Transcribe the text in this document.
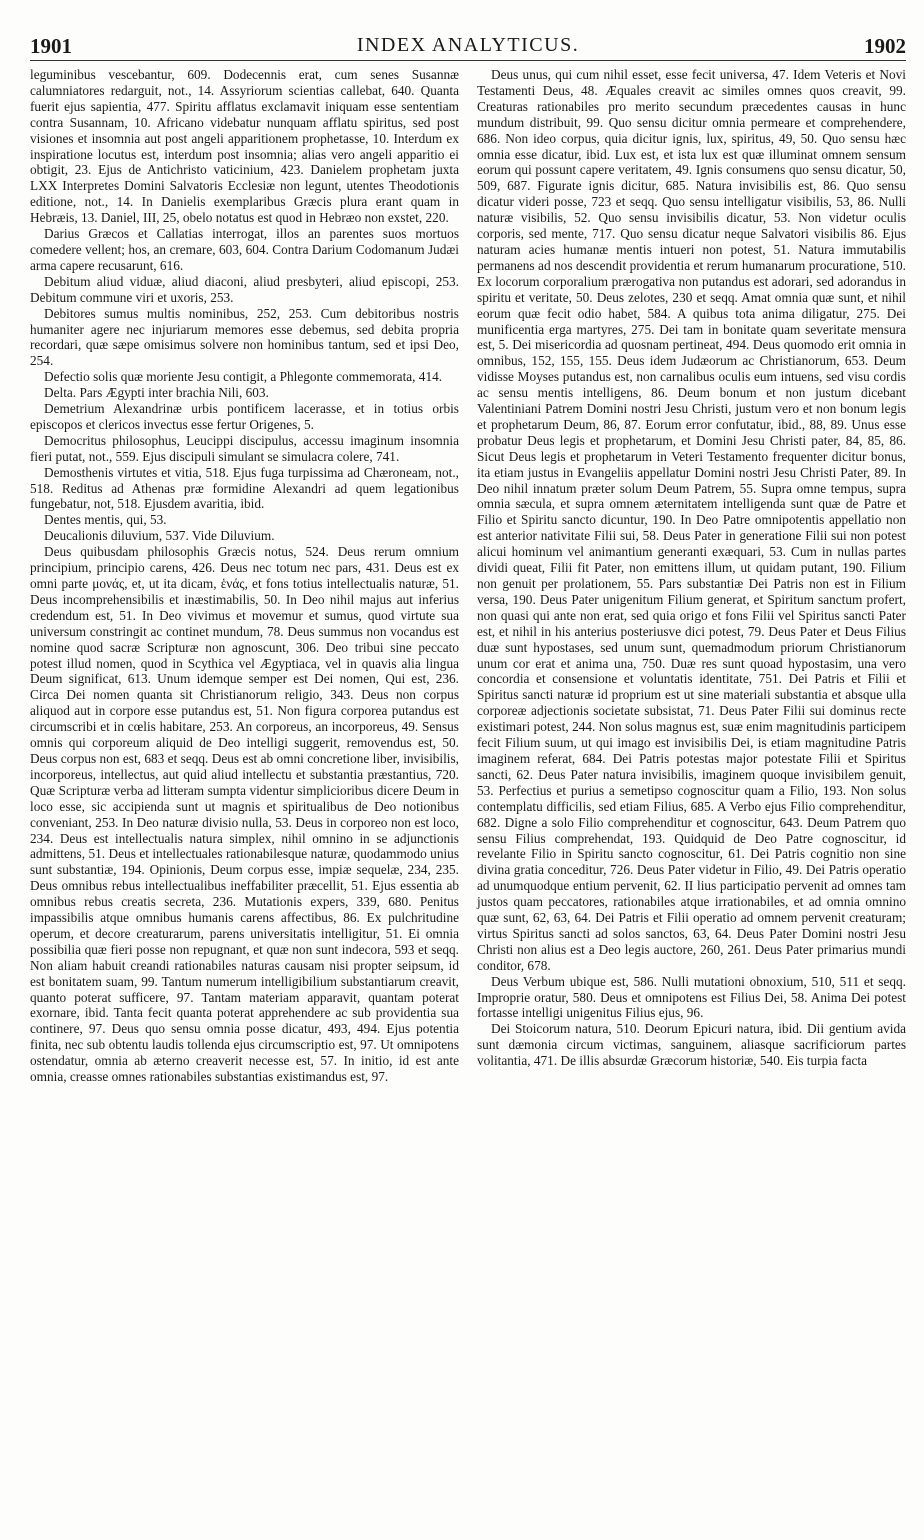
1901	INDEX ANALYTICUS.	1902

leguminibus vescebantur, 609. Dodecennis erat, cum senes Susannæ calumniatores redarguit, not., 14. Assyriorum scientias callebat, 640. Quanta fuerit ejus sapientia, 477. Spiritu afflatus exclamavit iniquam esse sententiam contra Susannam, 10. Africano videbatur nunquam afflatu spiritus, sed post visiones et insomnia aut post angeli apparitionem prophetasse, 10. Interdum ex inspiratione locutus est, interdum post insomnia; alias vero angeli apparitio ei obtigit, 23. Ejus de Antichristo vaticinium, 423. Danielem prophetam juxta LXX Interpretes Domini Salvatoris Ecclesiæ non legunt, utentes Theodotionis editione, not., 14. In Danielis exemplaribus Græcis plura erant quam in Hebræis, 13. Daniel, III, 25, obelo notatus est quod in Hebræo non exstet, 220.

Darius Græcos et Callatias interrogat, illos an parentes suos mortuos comedere vellent; hos, an cremare, 603, 604. Contra Darium Codomanum Judæi arma capere recusarunt, 616.

Debitum aliud viduæ, aliud diaconi, aliud presbyteri, aliud episcopi, 253. Debitum commune viri et uxoris, 253.

Debitores sumus multis nominibus, 252, 253. Cum debitoribus nostris humaniter agere nec injuriarum memores esse debemus, sed debita propria recordari, quæ sæpe omisimus solvere non hominibus tantum, sed et ipsi Deo, 254.

Defectio solis quæ moriente Jesu contigit, a Phlegonte commemorata, 414.

Delta. Pars Ægypti inter brachia Nili, 603.

Demetrium Alexandrinæ urbis pontificem lacerasse, et in totius orbis episcopos et clericos invectus esse fertur Origenes, 5.

Democritus philosophus, Leucippi discipulus, accessu imaginum insomnia fieri putat, not., 559. Ejus discipuli simulant se simulacra colere, 741.

Demosthenis virtutes et vitia, 518. Ejus fuga turpissima ad Chæroneam, not., 518. Reditus ad Athenas præ formidine Alexandri ad quem legationibus fungebatur, not, 518. Ejusdem avaritia, ibid.

Dentes mentis, qui, 53.

Deucalionis diluvium, 537. Vide Diluvium.

Deus quibusdam philosophis Græcis notus, 524. Deus rerum omnium principium, principio carens, 426. Deus nec totum nec pars, 431. Deus est ex omni parte μονάς, et, ut ita dicam, ἑνάς, et fons totius intellectualis naturæ, 51. Deus incomprehensibilis et inæstimabilis, 50. In Deo nihil majus aut inferius credendum est, 51. In Deo vivimus et movemur et sumus, quod virtute sua universum constringit ac continet mundum, 78. Deus summus non vocandus est nomine quod sacræ Scripturæ non agnoscunt, 306. Deo tribui sine peccato potest illud nomen, quod in Scythica vel Ægyptiaca, vel in quavis alia lingua Deum significat, 613. Unum idemque semper est Dei nomen, Qui est, 236. Circa Dei nomen quanta sit Christianorum religio, 343. Deus non corpus aliquod aut in corpore esse putandus est, 51. Non figura corporea putandus est circumscribi et in cœlis habitare, 253. An corporeus, an incorporeus, 49. Sensus omnis qui corporeum aliquid de Deo intelligi suggerit, removendus est, 50. Deus corpus non est, 683 et seqq. Deus est ab omni concretione liber, invisibilis, incorporeus, intellectus, aut quid aliud intellectu et substantia præstantius, 720. Quæ Scripturæ verba ad litteram sumpta videntur simplicioribus dicere Deum in loco esse, sic accipienda sunt ut magnis et spiritualibus de Deo notionibus conveniant, 253. In Deo naturæ divisio nulla, 53. Deus in corporeo non est loco, 234. Deus est intellectualis natura simplex, nihil omnino in se adjunctionis admittens, 51. Deus et intellectuales rationabilesque naturæ, quodammodo unius sunt substantiæ, 194. Opinionis, Deum corpus esse, impiæ sequelæ, 234, 235. Deus omnibus rebus intellectualibus ineffabiliter præcellit, 51. Ejus essentia ab omnibus rebus creatis secreta, 236. Mutationis expers, 339, 680. Penitus impassibilis atque omnibus humanis carens affectibus, 86. Ex pulchritudine operum, et decore creaturarum, parens universitatis intelligitur, 51. Ei omnia possibilia quæ fieri posse non repugnant, et quæ non sunt indecora, 593 et seqq. Non aliam habuit creandi rationabiles naturas causam nisi propter seipsum, id est bonitatem suam, 99. Tantum numerum intelligibilium substantiarum creavit, quanto poterat sufficere, 97. Tantam materiam apparavit, quantam poterat exornare, ibid. Tanta fecit quanta poterat apprehendere ac sub providentia sua continere, 97. Deus quo sensu omnia posse dicatur, 493, 494. Ejus potentia finita, nec sub obtentu laudis tollenda ejus circumscriptio est, 97. Ut omnipotens ostendatur, omnia ab æterno creaverit necesse est, 57. In initio, id est ante omnia, creasse omnes rationabiles substantias existimandus est, 97.

Deus unus, qui cum nihil esset, esse fecit universa, 47. Idem Veteris et Novi Testamenti Deus, 48. Æquales creavit ac similes omnes quos creavit, 99. Creaturas rationabiles pro merito secundum præcedentes causas in hunc mundum distribuit, 99. Quo sensu dicitur omnia permeare et comprehendere, 686. Non ideo corpus, quia dicitur ignis, lux, spiritus, 49, 50. Quo sensu hæc omnia esse dicatur, ibid. Lux est, et ista lux est quæ illuminat omnem sensum eorum qui possunt capere veritatem, 49. Ignis consumens quo sensu dicatur, 50, 509, 687. Figurate ignis dicitur, 685. Natura invisibilis est, 86. Quo sensu dicatur videri posse, 723 et seqq. Quo sensu intelligatur visibilis, 53, 86. Nulli naturæ visibilis, 52. Quo sensu invisibilis dicatur, 53. Non videtur oculis corporis, sed mente, 717. Quo sensu dicatur neque Salvatori visibilis 86. Ejus naturam acies humanæ mentis intueri non potest, 51. Natura immutabilis permanens ad nos descendit providentia et rerum humanarum procuratione, 510. Ex locorum corporalium prærogativa non putandus est adorari, sed adorandus in spiritu et veritate, 50. Deus zelotes, 230 et seqq. Amat omnia quæ sunt, et nihil eorum quæ fecit odio habet, 584. A quibus tota anima diligatur, 275. Dei munificentia erga martyres, 275. Dei tam in bonitate quam severitate mensura est, 5. Dei misericordia ad quosnam pertineat, 494. Deus quomodo erit omnia in omnibus, 152, 155, 155. Deus idem Judæorum ac Christianorum, 653. Deum vidisse Moyses putandus est, non carnalibus oculis eum intuens, sed visu cordis ac sensu mentis intelligens, 86. Deum bonum et non justum dicebant Valentiniani Patrem Domini nostri Jesu Christi, justum vero et non bonum legis et prophetarum Deum, 86, 87. Eorum error confutatur, ibid., 88, 89. Unus esse probatur Deus legis et prophetarum, et Domini Jesu Christi pater, 84, 85, 86. Sicut Deus legis et prophetarum in Veteri Testamento frequenter dicitur bonus, ita etiam justus in Evangeliis appellatur Domini nostri Jesu Christi Pater, 89. In Deo nihil innatum præter solum Deum Patrem, 55. Supra omne tempus, supra omnia sæcula, et supra omnem æternitatem intelligenda sunt quæ de Patre et Filio et Spiritu sancto dicuntur, 190. In Deo Patre omnipotentis appellatio non est anterior nativitate Filii sui, 58. Deus Pater in generatione Filii sui non potest alicui hominum vel animantium generanti exæquari, 53. Cum in nullas partes dividi queat, Filii fit Pater, non emittens illum, ut quidam putant, 190. Filium non genuit per prolationem, 55. Pars substantiæ Dei Patris non est in Filium versa, 190. Deus Pater unigenitum Filium generat, et Spiritum sanctum profert, non quasi qui ante non erat, sed quia origo et fons Filii vel Spiritus sancti Pater est, et nihil in his anterius posteriusve dici potest, 79. Deus Pater et Deus Filius duæ sunt hypostases, sed unum sunt, quemadmodum priorum Christianorum unum cor erat et anima una, 750. Duæ res sunt quoad hypostasim, una vero concordia et consensione et voluntatis identitate, 751. Dei Patris et Filii et Spiritus sancti naturæ id proprium est ut sine materiali substantia et absque ulla corporeæ adjectionis societate subsistat, 71. Deus Pater Filii sui dominus recte existimari potest, 244. Non solus magnus est, suæ enim magnitudinis participem fecit Filium suum, ut qui imago est invisibilis Dei, is etiam magnitudine Patris imaginem referat, 684. Dei Patris potestas major potestate Filii et Spiritus sancti, 62. Deus Pater natura invisibilis, imaginem quoque invisibilem genuit, 53. Perfectius et purius a semetipso cognoscitur quam a Filio, 193. Non solus contemplatu difficilis, sed etiam Filius, 685. A Verbo ejus Filio comprehenditur, 682. Digne a solo Filio comprehenditur et cognoscitur, 643. Deum Patrem quo sensu Filius comprehendat, 193. Quidquid de Deo Patre cognoscitur, id revelante Filio in Spiritu sancto cognoscitur, 61. Dei Patris cognitio non sine divina gratia conceditur, 726. Deus Pater videtur in Filio, 49. Dei Patris operatio ad unumquodque entium pervenit, 62. II lius participatio pervenit ad omnes tam justos quam peccatores, rationabiles atque irrationabiles, et ad omnia omnino quæ sunt, 62, 63, 64. Dei Patris et Filii operatio ad omnem pervenit creaturam; virtus Spiritus sancti ad solos sanctos, 63, 64. Deus Pater Domini nostri Jesu Christi non alius est a Deo legis auctore, 260, 261. Deus Pater primarius mundi conditor, 678.

Deus Verbum ubique est, 586. Nulli mutationi obnoxium, 510, 511 et seqq. Improprie oratur, 580. Deus et omnipotens est Filius Dei, 58. Anima Dei potest fortasse intelligi unigenitus Filius ejus, 96.

Dei Stoicorum natura, 510. Deorum Epicuri natura, ibid. Dii gentium avida sunt dæmonia circum victimas, sanguinem, aliasque sacrificiorum partes volitantia, 471. De illis absurdæ Græcorum historiæ, 540. Eis turpia facta
